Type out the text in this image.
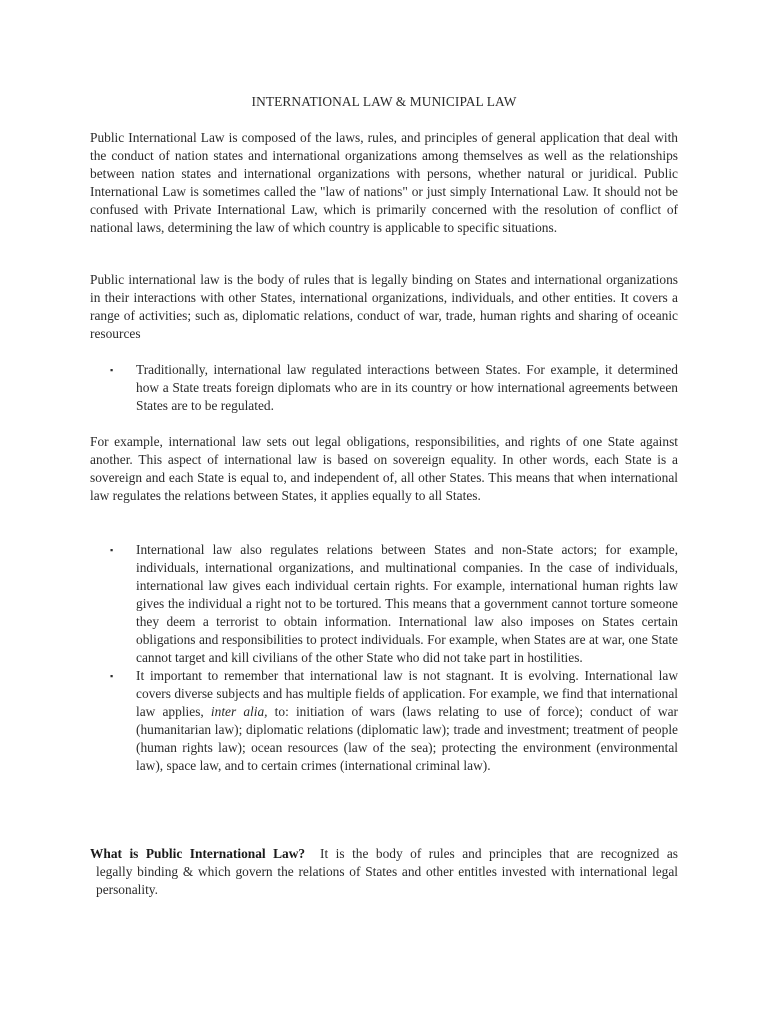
INTERNATIONAL LAW & MUNICIPAL LAW

Public International Law is composed of the laws, rules, and principles of general application that deal with the conduct of nation states and international organizations among themselves as well as the relationships between nation states and international organizations with persons, whether natural or juridical. Public International Law is sometimes called the "law of nations" or just simply International Law. It should not be confused with Private International Law, which is primarily concerned with the resolution of conflict of national laws, determining the law of which country is applicable to specific situations.

Public international law is the body of rules that is legally binding on States and international organizations in their interactions with other States, international organizations, individuals, and other entities. It covers a range of activities; such as, diplomatic relations, conduct of war, trade, human rights and sharing of oceanic resources

▪ Traditionally, international law regulated interactions between States. For example, it determined how a State treats foreign diplomats who are in its country or how international agreements between States are to be regulated.

For example, international law sets out legal obligations, responsibilities, and rights of one State against another. This aspect of international law is based on sovereign equality. In other words, each State is a sovereign and each State is equal to, and independent of, all other States. This means that when international law regulates the relations between States, it applies equally to all States.

▪ International law also regulates relations between States and non-State actors; for example, individuals, international organizations, and multinational companies. In the case of individuals, international law gives each individual certain rights. For example, international human rights law gives the individual a right not to be tortured. This means that a government cannot torture someone they deem a terrorist to obtain information. International law also imposes on States certain obligations and responsibilities to protect individuals. For example, when States are at war, one State cannot target and kill civilians of the other State who did not take part in hostilities.
▪ It important to remember that international law is not stagnant. It is evolving. International law covers diverse subjects and has multiple fields of application. For example, we find that international law applies, inter alia, to: initiation of wars (laws relating to use of force); conduct of war (humanitarian law); diplomatic relations (diplomatic law); trade and investment; treatment of people (human rights law); ocean resources (law of the sea); protecting the environment (environmental law), space law, and to certain crimes (international criminal law).
What is Public International Law? It is the body of rules and principles that are recognized as
legally binding & which govern the relations of States and other entitles invested with international legal personality.
